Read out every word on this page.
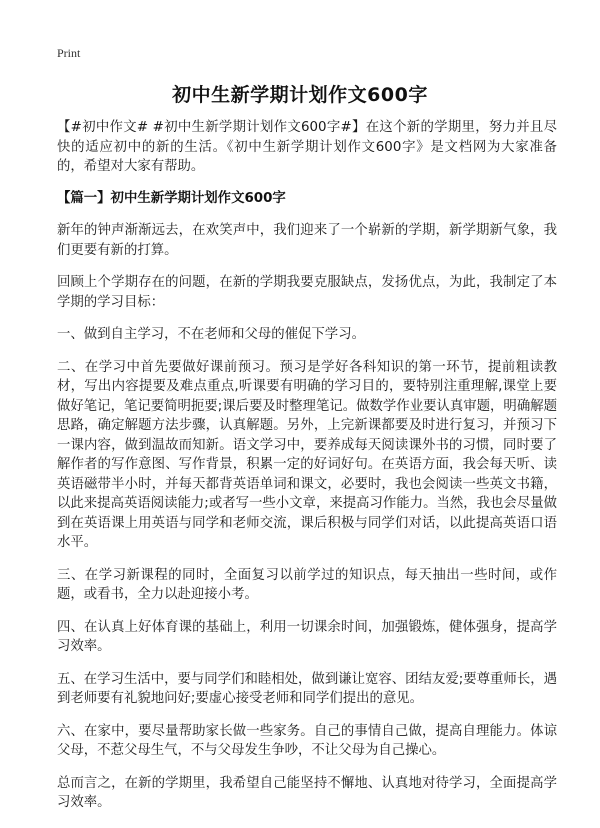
Print
初中生新学期计划作文600字

【#初中作文# #初中生新学期计划作文600字#】在这个新的学期里，努力并且尽快的适应初中的新的生活。《初中生新学期计划作文600字》是文档网为大家准备的，希望对大家有帮助。

【篇一】初中生新学期计划作文600字

新年的钟声渐渐远去，在欢笑声中，我们迎来了一个崭新的学期，新学期新气象，我们更要有新的打算。

回顾上个学期存在的问题，在新的学期我要克服缺点，发扬优点，为此，我制定了本学期的学习目标：

一、做到自主学习，不在老师和父母的催促下学习。

二、在学习中首先要做好课前预习。预习是学好各科知识的第一环节，提前粗读教材，写出内容提要及难点重点,听课要有明确的学习目的，要特别注重理解,课堂上要做好笔记，笔记要简明扼要;课后要及时整理笔记。做数学作业要认真审题，明确解题思路，确定解题方法步骤，认真解题。另外，上完新课都要及时进行复习，并预习下一课内容，做到温故而知新。语文学习中，要养成每天阅读课外书的习惯，同时要了解作者的写作意图、写作背景，积累一定的好词好句。在英语方面，我会每天听、读英语磁带半小时，并每天都背英语单词和课文，必要时，我也会阅读一些英文书籍，以此来提高英语阅读能力;或者写一些小文章，来提高习作能力。当然，我也会尽量做到在英语课上用英语与同学和老师交流，课后积极与同学们对话，以此提高英语口语水平。

三、在学习新课程的同时，全面复习以前学过的知识点，每天抽出一些时间，或作题，或看书，全力以赴迎接小考。

四、在认真上好体育课的基础上，利用一切课余时间，加强锻炼，健体强身，提高学习效率。

五、在学习生活中，要与同学们和睦相处，做到谦让宽容、团结友爱;要尊重师长，遇到老师要有礼貌地问好;要虚心接受老师和同学们提出的意见。

六、在家中，要尽量帮助家长做一些家务。自己的事情自己做，提高自理能力。体谅父母，不惹父母生气，不与父母发生争吵，不让父母为自己操心。

总而言之，在新的学期里，我希望自己能坚持不懈地、认真地对待学习，全面提高学习效率。
